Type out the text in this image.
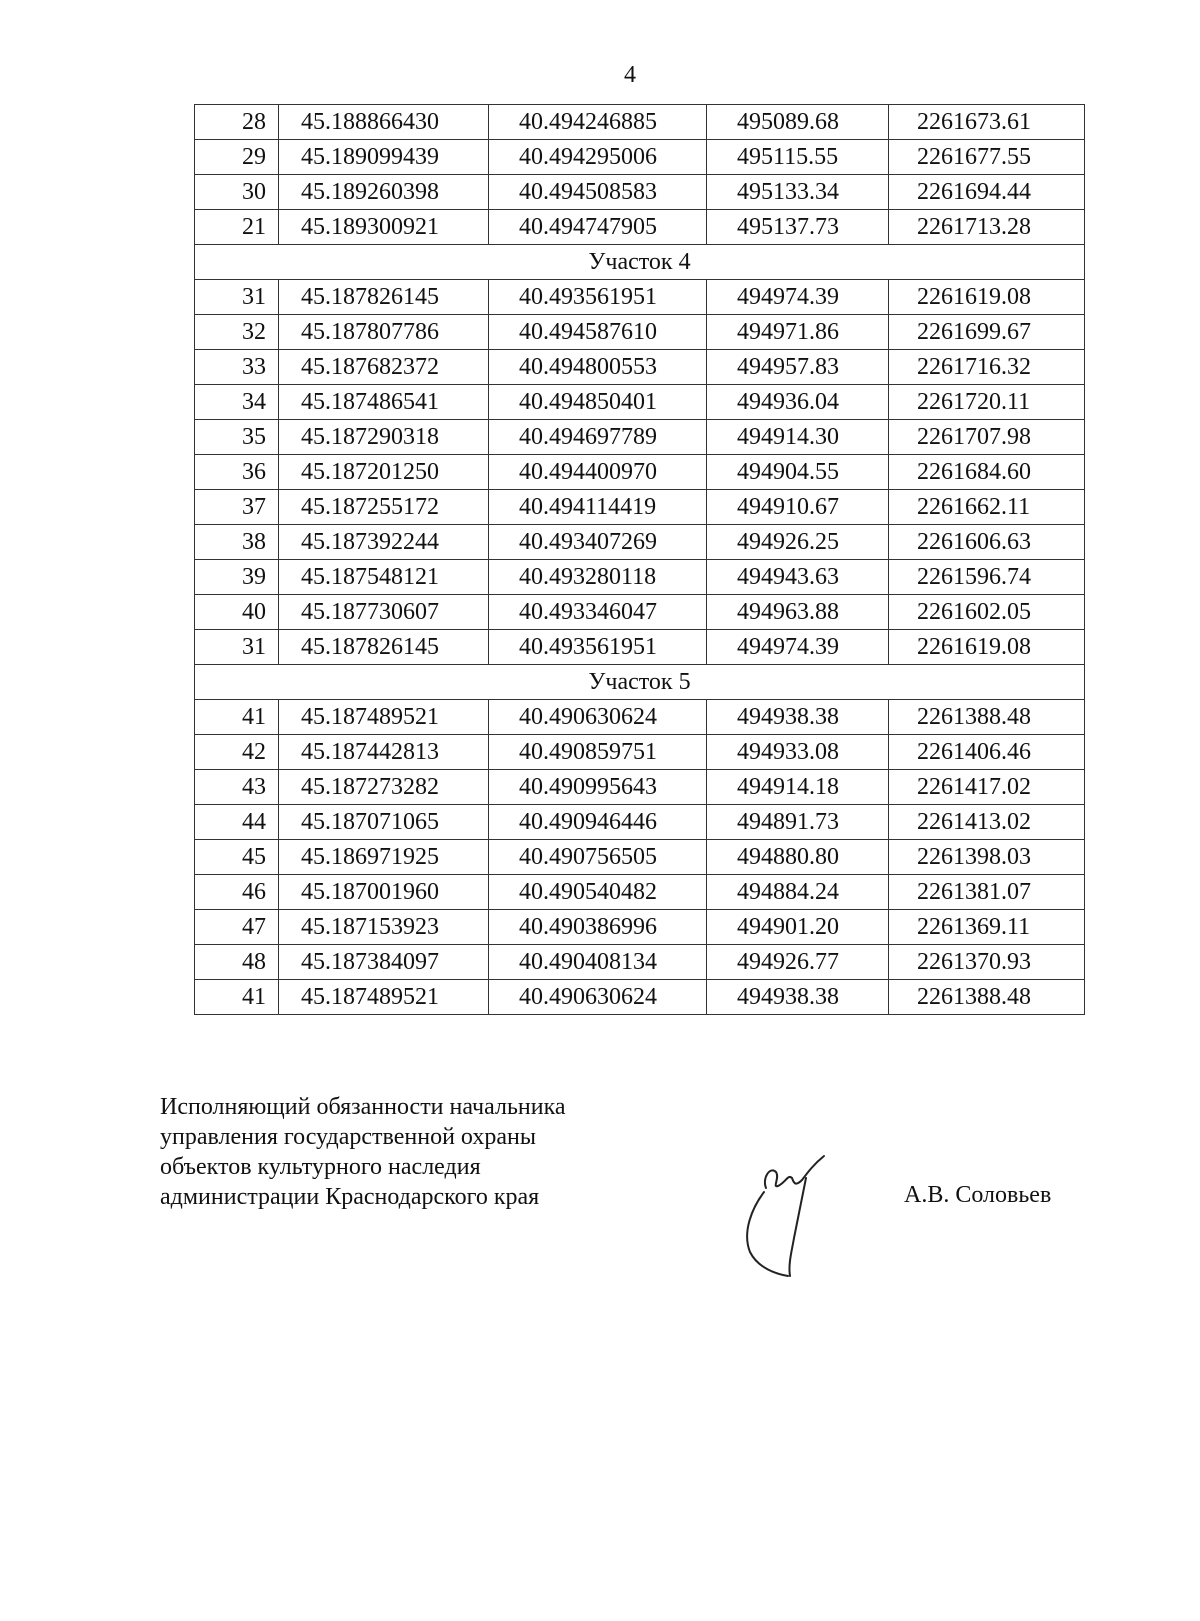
4
28	45.188866430	40.494246885	495089.68	2261673.61
29	45.189099439	40.494295006	495115.55	2261677.55
30	45.189260398	40.494508583	495133.34	2261694.44
21	45.189300921	40.494747905	495137.73	2261713.28
Участок 4				
31	45.187826145	40.493561951	494974.39	2261619.08
32	45.187807786	40.494587610	494971.86	2261699.67
33	45.187682372	40.494800553	494957.83	2261716.32
34	45.187486541	40.494850401	494936.04	2261720.11
35	45.187290318	40.494697789	494914.30	2261707.98
36	45.187201250	40.494400970	494904.55	2261684.60
37	45.187255172	40.494114419	494910.67	2261662.11
38	45.187392244	40.493407269	494926.25	2261606.63
39	45.187548121	40.493280118	494943.63	2261596.74
40	45.187730607	40.493346047	494963.88	2261602.05
31	45.187826145	40.493561951	494974.39	2261619.08
Участок 5				
41	45.187489521	40.490630624	494938.38	2261388.48
42	45.187442813	40.490859751	494933.08	2261406.46
43	45.187273282	40.490995643	494914.18	2261417.02
44	45.187071065	40.490946446	494891.73	2261413.02
45	45.186971925	40.490756505	494880.80	2261398.03
46	45.187001960	40.490540482	494884.24	2261381.07
47	45.187153923	40.490386996	494901.20	2261369.11
48	45.187384097	40.490408134	494926.77	2261370.93
41	45.187489521	40.490630624	494938.38	2261388.48
Исполняющий обязанности начальника
управления государственной охраны
объектов культурного наследия
администрации Краснодарского края	А.В. Соловьев
